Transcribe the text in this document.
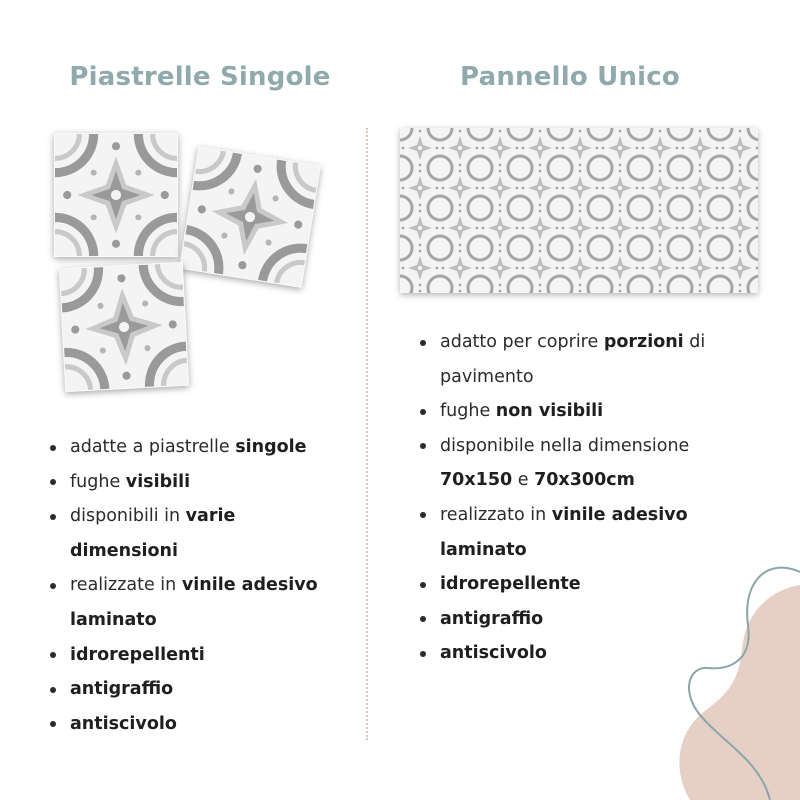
Piastrelle Singole	Pannello Unico
adatte a piastrelle singole
fughe visibili
disponibili in varie
dimensioni
realizzate in vinile adesivo
laminato
idrorepellenti
antigraffio
antiscivolo
adatto per coprire porzioni di
pavimento
fughe non visibili
disponibile nella dimensione
70x150 e 70x300cm
realizzato in vinile adesivo
laminato
idrorepellente
antigraffio
antiscivolo
